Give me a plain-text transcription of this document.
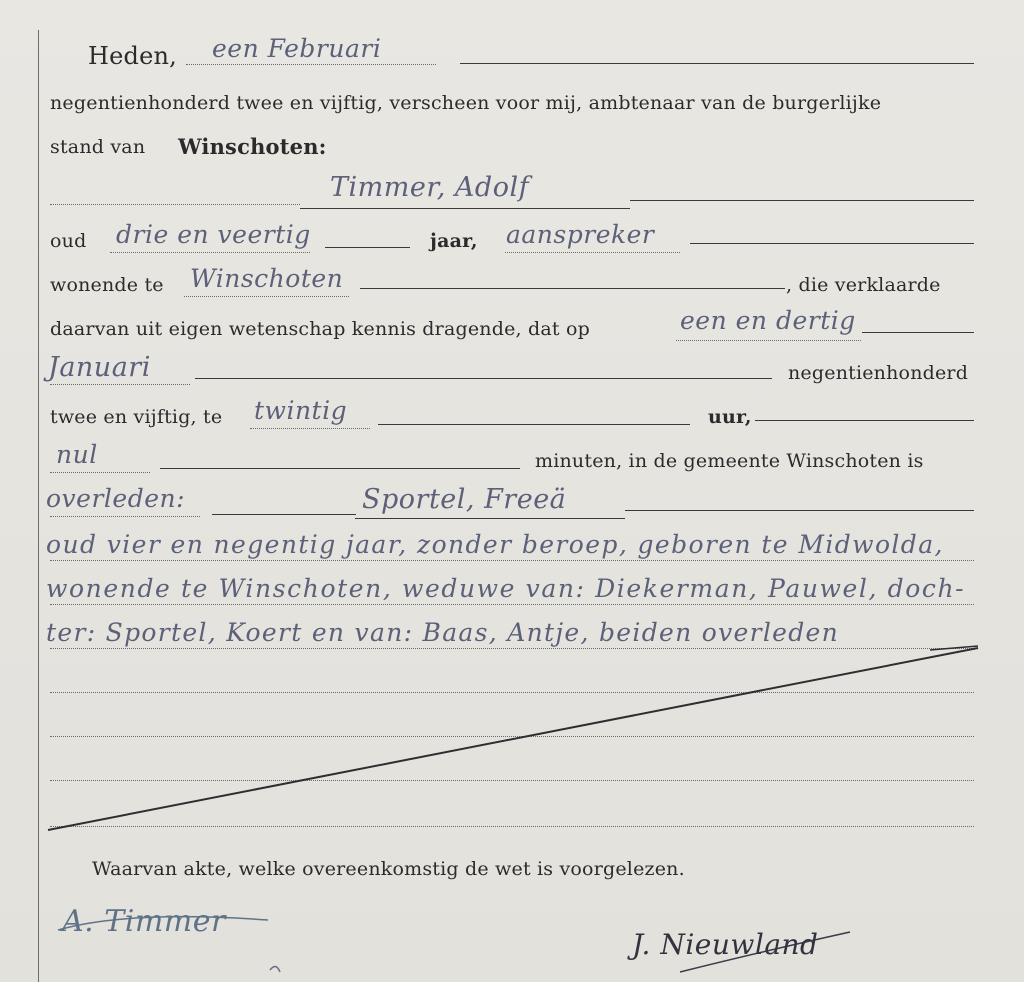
Heden, een Februari
negentienhonderd twee en vijftig, verscheen voor mij, ambtenaar van de burgerlijke
stand van Winschoten:
Timmer, Adolf
oud drie en veertig	jaar, aanspreker
wonende te Winschoten	, die verklaarde
daarvan uit eigen wetenschap kennis dragende, dat op	een en dertig
Januari	negentienhonderd
twee en vijftig, te twintig	uur,
nul	minuten, in de gemeente Winschoten is
overleden:	Sportel, Freeä
oud vier en negentig jaar, zonder beroep, geboren te Midwolda,
wonende te Winschoten, weduwe van: Diekerman, Pauwel, doch-
ter: Sportel, Koert en van: Baas, Antje, beiden overleden
Waarvan akte, welke overeenkomstig de wet is voorgelezen.
A. Timmer
J. Nieuwland
